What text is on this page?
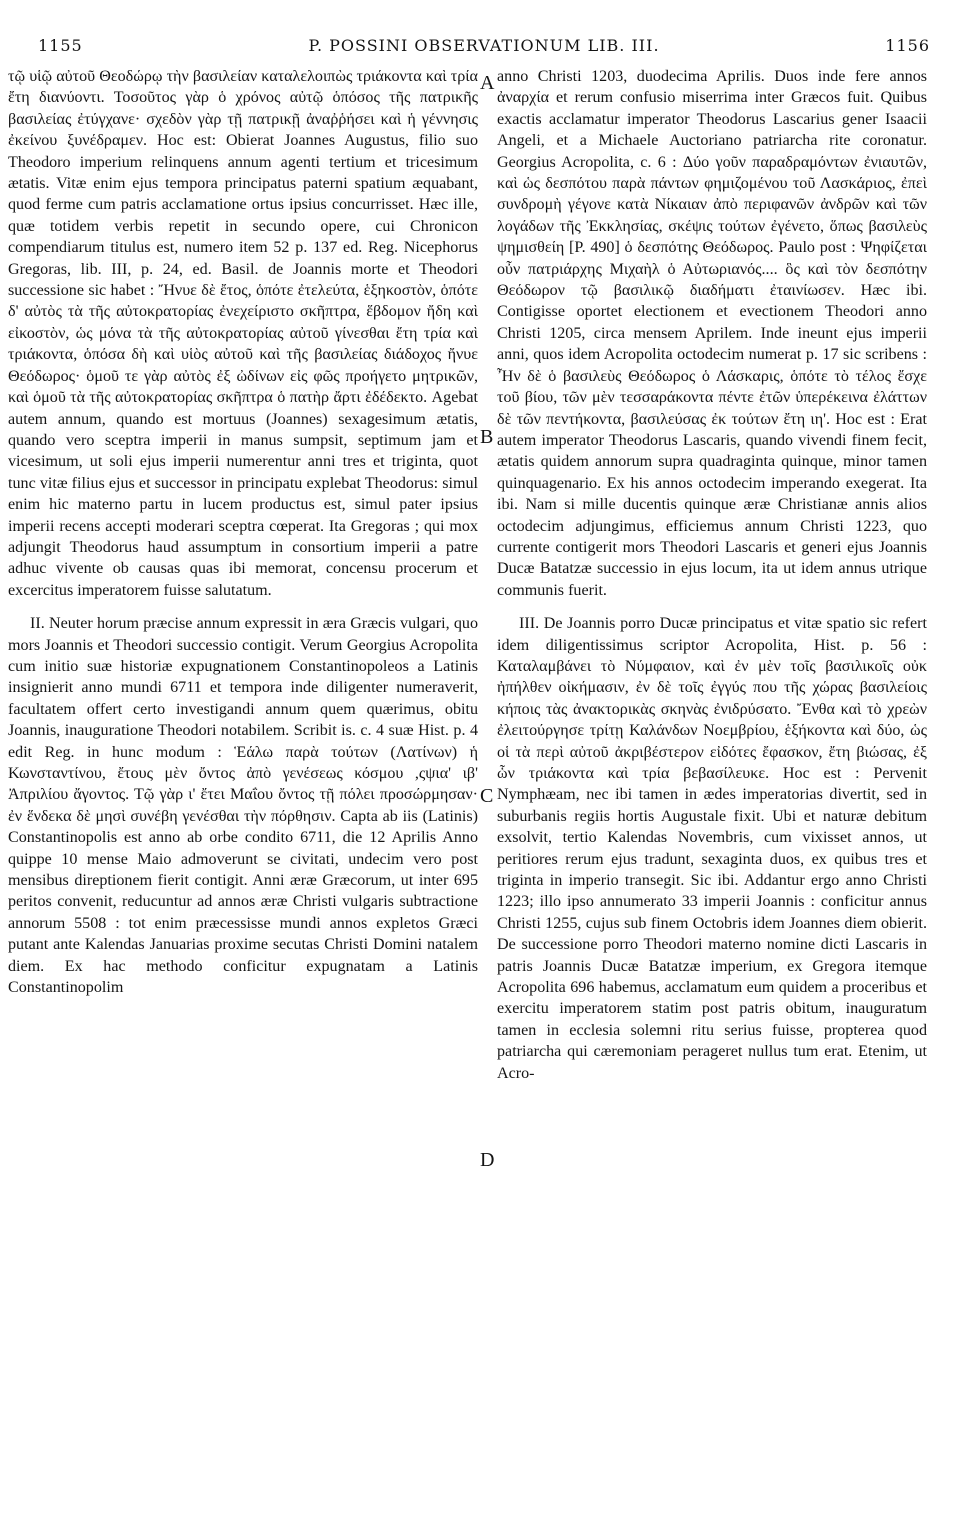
1155	P. POSSINI OBSERVATIONUM LIB. III.	1156

τῷ υἱῷ αὐτοῦ Θεοδώρῳ τὴν βασιλείαν καταλελοιπὼς τριάκοντα καὶ τρία ἔτη διανύοντι. Τοσοῦτος γὰρ ὁ χρόνος αὐτῷ ὁπόσος τῆς πατρικῆς βασιλείας ἐτύγχανε· σχεδὸν γὰρ τῇ πατρικῇ ἀναῤῥήσει καὶ ἡ γέννησις ἐκείνου ξυνέδραμεν. Hoc est: Obierat Joannes Augustus, filio suo Theodoro imperium relinquens annum agenti tertium et tricesimum ætatis. Vitæ enim ejus tempora principatus paterni spatium æquabant, quod ferme cum patris acclamatione ortus ipsius concurrisset. Hæc ille, quæ totidem verbis repetit in secundo opere, cui Chronicon compendiarum titulus est, numero item 52 p. 137 ed. Reg. Nicephorus Gregoras, lib. III, p. 24, ed. Basil. de Joannis morte et Theodori successione sic habet : Ἤνυε δὲ ἔτος, ὁπότε ἐτελεύτα, ἑξηκοστὸν, ὁπότε δ' αὐτὸς τὰ τῆς αὐτοκρατορίας ἐνεχείριστο σκῆπτρα, ἕβδομον ἤδη καὶ εἰκοστὸν, ὡς μόνα τὰ τῆς αὐτοκρατορίας αὐτοῦ γίνεσθαι ἔτη τρία καὶ τριάκοντα, ὁπόσα δὴ καὶ υἱὸς αὐτοῦ καὶ τῆς βασιλείας διάδοχος ἤνυε Θεόδωρος· ὁμοῦ τε γὰρ αὐτὸς ἐξ ὠδίνων εἰς φῶς προήγετο μητρικῶν, καὶ ὁμοῦ τὰ τῆς αὐτοκρατορίας σκῆπτρα ὁ πατὴρ ἄρτι ἐδέδεκτο. Agebat autem annum, quando est mortuus (Joannes) sexagesimum ætatis, quando vero sceptra imperii in manus sumpsit, septimum jam et vicesimum, ut soli ejus imperii numerentur anni tres et triginta, quot tunc vitæ filius ejus et successor in principatu explebat Theodorus: simul enim hic materno partu in lucem productus est, simul pater ipsius imperii recens accepti moderari sceptra cœperat. Ita Gregoras ; qui mox adjungit Theodorus haud assumptum in consortium imperii a patre adhuc vivente ob causas quas ibi memorat, concensu procerum et excercitus imperatorem fuisse salutatum.

II. Neuter horum præcise annum expressit in æra Græcis vulgari, quo mors Joannis et Theodori successio contigit. Verum Georgius Acropolita cum initio suæ historiæ expugnationem Constantinopoleos a Latinis insignierit anno mundi 6711 et tempora inde diligenter numeraverit, facultatem offert certo investigandi annum quem quærimus, obitu Joannis, inauguratione Theodori notabilem. Scribit is. c. 4 suæ Hist. p. 4 edit Reg. in hunc modum : Ἑάλω παρὰ τούτων (Λατίνων) ἡ Κωνσταντίνου, ἔτους μὲν ὄντος ἀπὸ γενέσεως κόσμου ,ςψια' ιβ' Ἀπριλίου ἄγοντος. Τῷ γὰρ ι' ἔτει Μαΐου ὄντος τῇ πόλει προσώρμησαν· ἐν ἕνδεκα δὲ μησὶ συνέβη γενέσθαι τὴν πόρθησιν. Capta ab iis (Latinis) Constantinopolis est anno ab orbe condito 6711, die 12 Aprilis Anno quippe 10 mense Maio admoverunt se civitati, undecim vero post mensibus direptionem fierit contigit. Anni æræ Græcorum, ut inter 695 peritos convenit, reducuntur ad annos æræ Christi vulgaris subtractione annorum 5508 : tot enim præcessisse mundi annos expletos Græci putant ante Kalendas Januarias proxime secutas Christi Domini natalem diem. Ex hac methodo conficitur expugnatam a Latinis Constantinopolim

anno Christi 1203, duodecima Aprilis. Duos inde fere annos ἀναρχία et rerum confusio miserrima inter Græcos fuit. Quibus exactis acclamatur imperator Theodorus Lascarius gener Isaacii Angeli, et a Michaele Auctoriano patriarcha rite coronatur. Georgius Acropolita, c. 6 : Δύο γοῦν παραδραμόντων ἐνιαυτῶν, καὶ ὡς δεσπότου παρὰ πάντων φημιζομένου τοῦ Λασκάριος, ἐπεὶ συνδρομὴ γέγονε κατὰ Νίκαιαν ἀπὸ περιφανῶν ἀνδρῶν καὶ τῶν λογάδων τῆς Ἐκκλησίας, σκέψις τούτων ἐγένετο, ὅπως βασιλεὺς ψημισθείη [P. 490] ὁ δεσπότης Θεόδωρος. Paulo post : Ψηφίζεται οὖν πατριάρχης Μιχαὴλ ὁ Αὐτωριανός.... ὃς καὶ τὸν δεσπότην Θεόδωρον τῷ βασιλικῷ διαδήματι ἐταινίωσεν. Hæc ibi. Contigisse oportet electionem et evectionem Theodori anno Christi 1205, circa mensem Aprilem. Inde ineunt ejus imperii anni, quos idem Acropolita octodecim numerat p. 17 sic scribens : Ἦν δὲ ὁ βασιλεὺς Θεόδωρος ὁ Λάσκαρις, ὁπότε τὸ τέλος ἔσχε τοῦ βίου, τῶν μὲν τεσσαράκοντα πέντε ἐτῶν ὑπερέκεινα ἐλάττων δὲ τῶν πεντήκοντα, βασιλεύσας ἐκ τούτων ἔτη ιη'. Hoc est : Erat autem imperator Theodorus Lascaris, quando vivendi finem fecit, ætatis quidem annorum supra quadraginta quinque, minor tamen quinquagenario. Ex his annos octodecim imperando exegerat. Ita ibi. Nam si mille ducentis quinque æræ Christianæ annis alios octodecim adjungimus, efficiemus annum Christi 1223, quo currente contigerit mors Theodori Lascaris et generi ejus Joannis Ducæ Batatzæ successio in ejus locum, ita ut idem annus utrique communis fuerit.

III. De Joannis porro Ducæ principatus et vitæ spatio sic refert idem diligentissimus scriptor Acropolita, Hist. p. 56 : Καταλαμβάνει τὸ Νύμφαιον, καὶ ἐν μὲν τοῖς βασιλικοῖς οὐκ ἠπήλθεν οἰκήμασιν, ἐν δὲ τοῖς ἐγγύς που τῆς χώρας βασιλείοις κήποις τὰς ἀνακτορικὰς σκηνὰς ἐνιδρύσατο. Ἔνθα καὶ τὸ χρεὼν ἐλειτούργησε τρίτῃ Καλάνδων Νοεμβρίου, ἑξήκοντα καὶ δύο, ὡς οἱ τὰ περὶ αὐτοῦ ἀκριβέστερον εἰδότες ἔφασκον, ἔτη βιώσας, ἐξ ὧν τριάκοντα καὶ τρία βεβασίλευκε. Hoc est : Pervenit Nymphæam, nec ibi tamen in ædes imperatorias divertit, sed in suburbanis regiis hortis Augustale fixit. Ubi et naturæ debitum exsolvit, tertio Kalendas Novembris, cum vixisset annos, ut peritiores rerum ejus tradunt, sexaginta duos, ex quibus tres et triginta in imperio transegit. Sic ibi. Addantur ergo anno Christi 1223; illo ipso annumerato 33 imperii Joannis : conficitur annus Christi 1255, cujus sub finem Octobris idem Joannes diem obierit. De successione porro Theodori materno nomine dicti Lascaris in patris Joannis Ducæ Batatzæ imperium, ex Gregora itemque Acropolita 696 habemus, acclamatum eum quidem a proceribus et exercitu imperatorem statim post patris obitum, inauguratum tamen in ecclesia solemni ritu serius fuisse, propterea quod patriarcha qui cæremoniam perageret nullus tum erat. Etenim, ut Acro-

A
B
C
D
